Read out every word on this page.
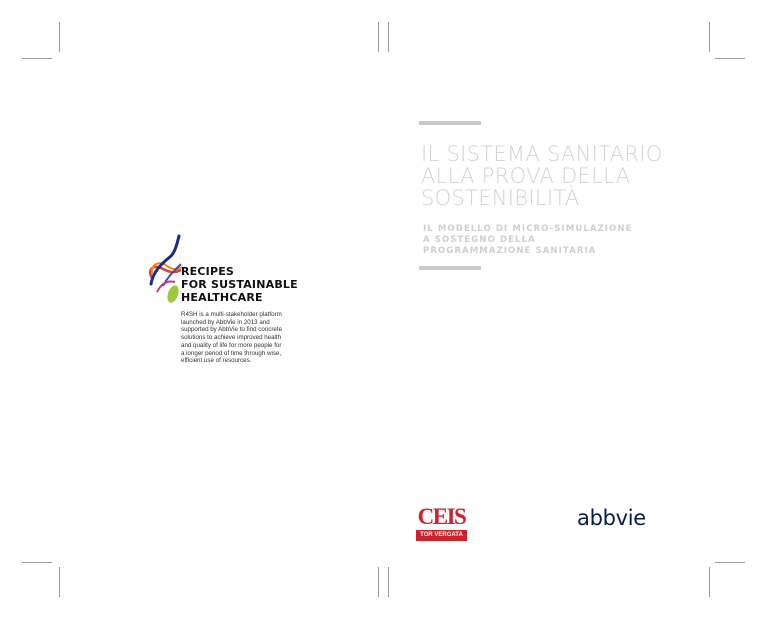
IL SISTEMA SANITARIO
ALLA PROVA DELLA
SOSTENIBILITÀ
IL MODELLO DI MICRO-SIMULAZIONE
A SOSTEGNO DELLA
PROGRAMMAZIONE SANITARIA
RECIPES
FOR SUSTAINABLE
HEALTHCARE
R4SH is a multi-stakeholder platform
launched by AbbVie in 2013 and
supported by AbbVie to find concrete
solutions to achieve improved health
and quality of life for more people for
a longer period of time through wise,
efficient use of resources.
CEIS
TOR VERGATA
abbvie
